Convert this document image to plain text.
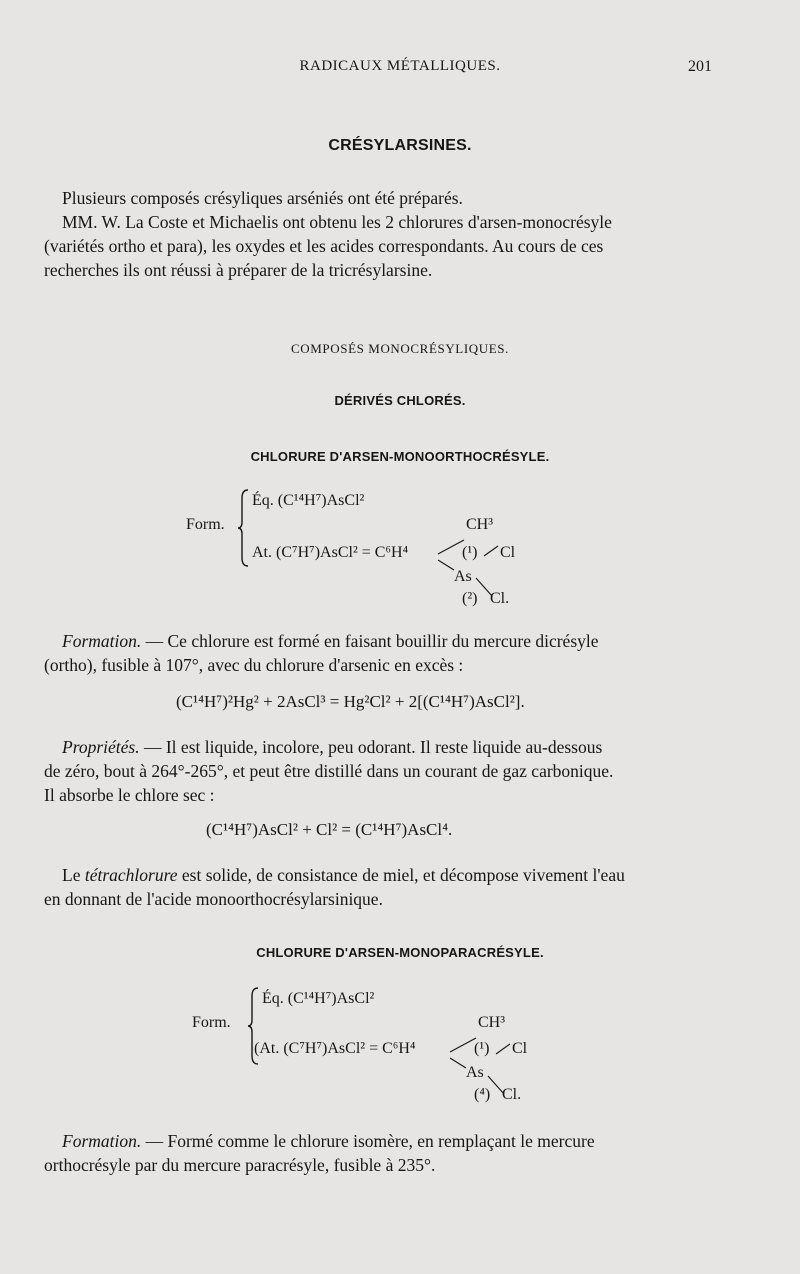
RADICAUX MÉTALLIQUES.	201
CRÉSYLARSINES.
Plusieurs composés crésyliques arséniés ont été préparés.
MM. W. La Coste et Michaelis ont obtenu les 2 chlorures d'arsen-monocrésyle
(variétés ortho et para), les oxydes et les acides correspondants. Au cours de ces
recherches ils ont réussi à préparer de la tricrésylarsine.
COMPOSÉS MONOCRÉSYLIQUES.
DÉRIVÉS CHLORÉS.
CHLORURE D'ARSEN-MONOORTHOCRÉSYLE.
Form.
Éq. (C¹⁴H⁷)AsCl²
At. (C⁷H⁷)AsCl² = C⁶H⁴
CH³
(¹) Cl
As
(²) Cl.
Formation. — Ce chlorure est formé en faisant bouillir du mercure dicrésyle
(ortho), fusible à 107°, avec du chlorure d'arsenic en excès :
(C¹⁴H⁷)²Hg² + 2AsCl³ = Hg²Cl² + 2[(C¹⁴H⁷)AsCl²].
Propriétés. — Il est liquide, incolore, peu odorant. Il reste liquide au-dessous
de zéro, bout à 264°-265°, et peut être distillé dans un courant de gaz carbonique.
Il absorbe le chlore sec :
(C¹⁴H⁷)AsCl² + Cl² = (C¹⁴H⁷)AsCl⁴.
Le tétrachlorure est solide, de consistance de miel, et décompose vivement l'eau
en donnant de l'acide monoorthocrésylarsinique.
CHLORURE D'ARSEN-MONOPARACRÉSYLE.
Form.
Éq. (C¹⁴H⁷)AsCl²
(At. (C⁷H⁷)AsCl² = C⁶H⁴
CH³
(¹) Cl
As
(⁴) Cl.
Formation. — Formé comme le chlorure isomère, en remplaçant le mercure
orthocrésyle par du mercure paracrésyle, fusible à 235°.
